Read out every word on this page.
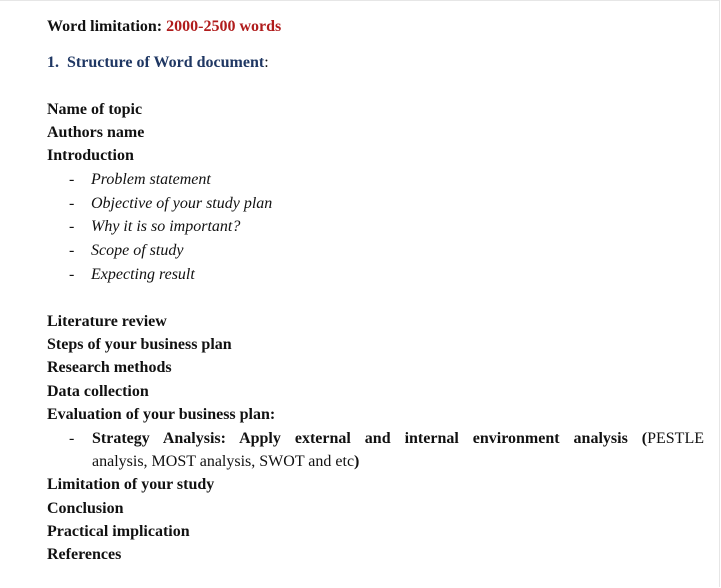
Word limitation: 2000-2500 words
1. Structure of Word document:
Name of topic
Authors name
Introduction
- Problem statement
- Objective of your study plan
- Why it is so important?
- Scope of study
- Expecting result
Literature review
Steps of your business plan
Research methods
Data collection
Evaluation of your business plan:
- Strategy Analysis: Apply external and internal environment analysis (PESTLE
analysis, MOST analysis, SWOT and etc)
Limitation of your study
Conclusion
Practical implication
References
